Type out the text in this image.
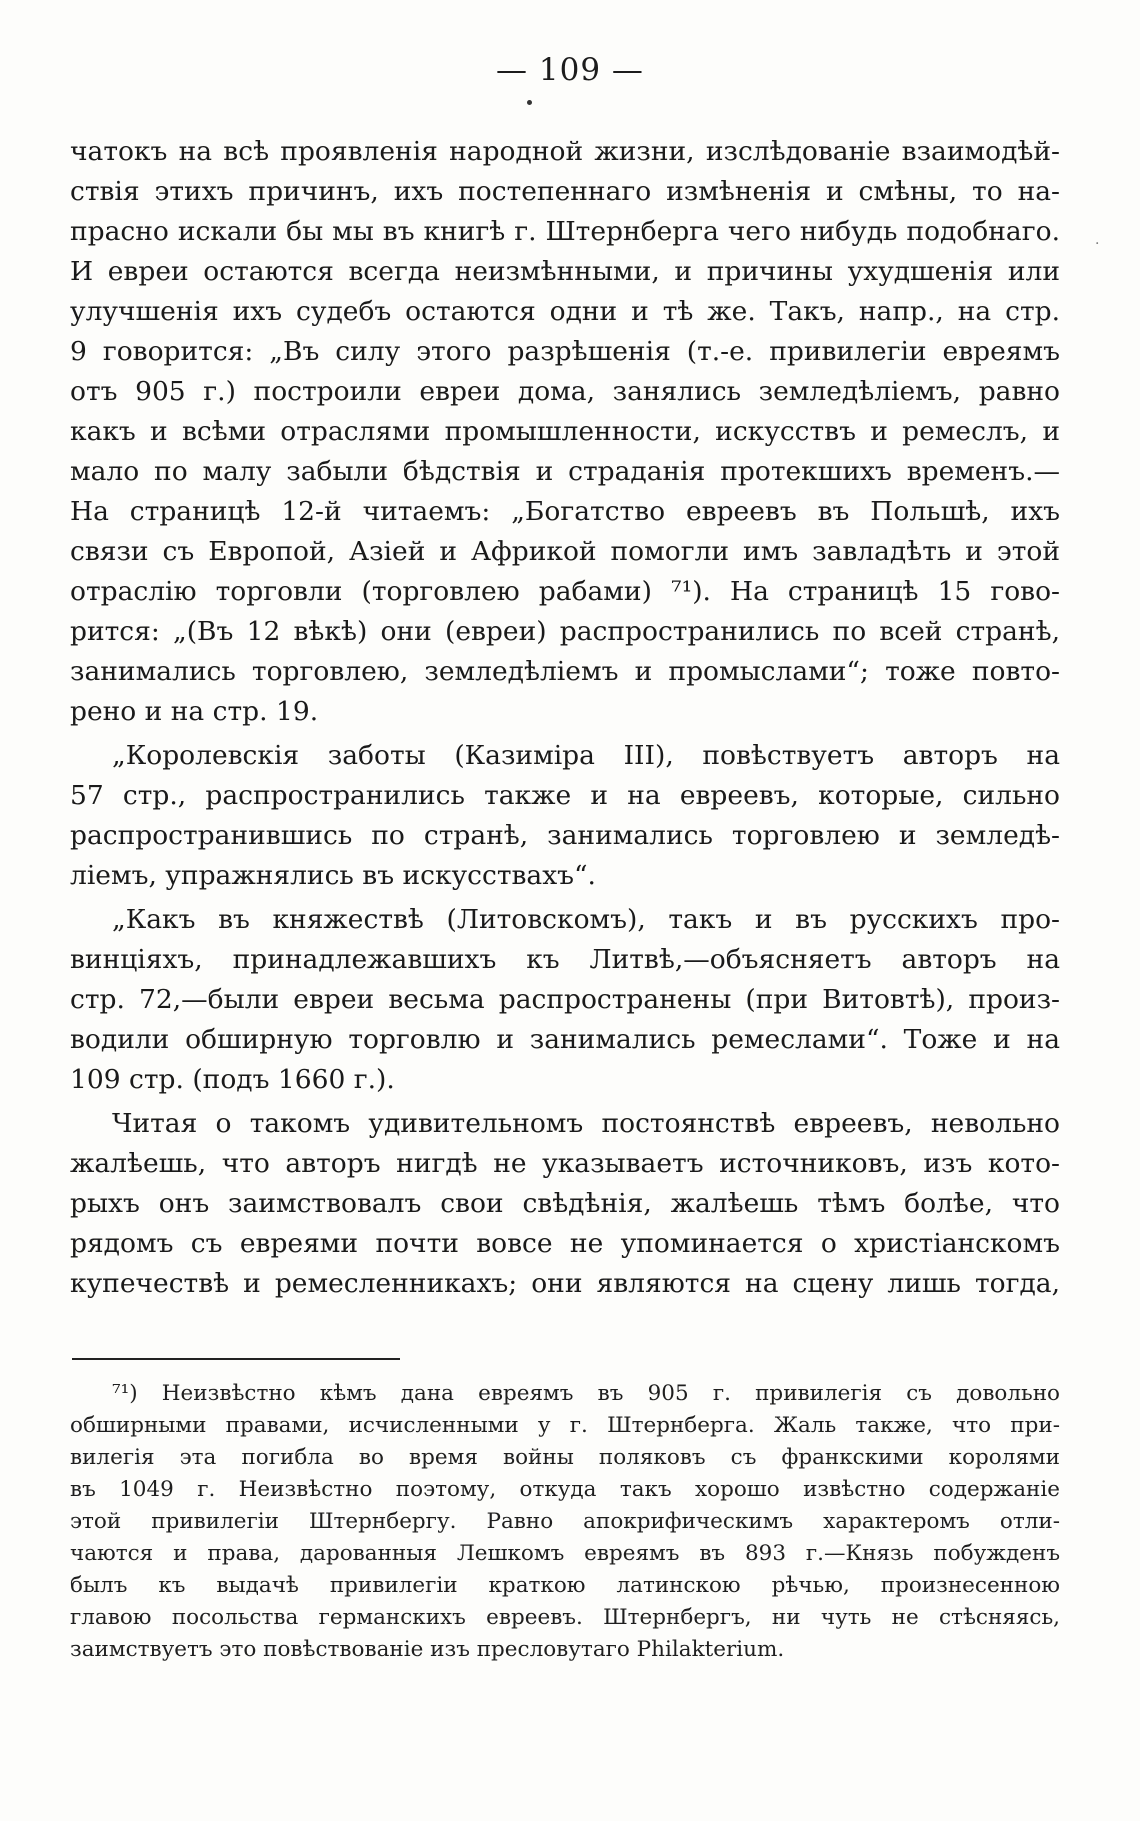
— 109 —
·
чатокъ на всѣ проявленія народной жизни, изслѣдованіе взаимодѣй-
ствія этихъ причинъ, ихъ постепеннаго измѣненія и смѣны, то на-
прасно искали бы мы въ книгѣ г. Штернберга чего нибудь подобнаго.
И евреи остаются всегда неизмѣнными, и причины ухудшенія или
улучшенія ихъ судебъ остаются одни и тѣ же. Такъ, напр., на стр.
9 говорится: „Въ силу этого разрѣшенія (т.-е. привилегіи евреямъ
отъ 905 г.) построили евреи дома, занялись земледѣліемъ, равно
какъ и всѣми отраслями промышленности, искусствъ и ремеслъ, и
мало по малу забыли бѣдствія и страданія протекшихъ временъ.—
На страницѣ 12-й читаемъ: „Богатство евреевъ въ Польшѣ, ихъ
связи съ Европой, Азіей и Африкой помогли имъ завладѣть и этой
отраслію торговли (торговлею рабами) ⁷¹). На страницѣ 15 гово-
рится: „(Въ 12 вѣкѣ) они (евреи) распространились по всей странѣ,
занимались торговлею, земледѣліемъ и промыслами“; тоже повто-
рено и на стр. 19.
„Королевскія заботы (Казиміра III), повѣствуетъ авторъ на
57 стр., распространились также и на евреевъ, которые, сильно
распространившись по странѣ, занимались торговлею и земледѣ-
ліемъ, упражнялись въ искусствахъ“.
„Какъ въ княжествѣ (Литовскомъ), такъ и въ русскихъ про-
винціяхъ, принадлежавшихъ къ Литвѣ,—объясняетъ авторъ на
стр. 72,—были евреи весьма распространены (при Витовтѣ), произ-
водили обширную торговлю и занимались ремеслами“. Тоже и на
109 стр. (подъ 1660 г.).
Читая о такомъ удивительномъ постоянствѣ евреевъ, невольно
жалѣешь, что авторъ нигдѣ не указываетъ источниковъ, изъ кото-
рыхъ онъ заимствовалъ свои свѣдѣнія, жалѣешь тѣмъ болѣе, что
рядомъ съ евреями почти вовсе не упоминается о христіанскомъ
купечествѣ и ремесленникахъ; они являются на сцену лишь тогда,
⁷¹) Неизвѣстно кѣмъ дана евреямъ въ 905 г. привилегія съ довольно
обширными правами, исчисленными у г. Штернберга. Жаль также, что при-
вилегія эта погибла во время войны поляковъ съ франкскими королями
въ 1049 г. Неизвѣстно поэтому, откуда такъ хорошо извѣстно содержаніе
этой привилегіи Штернбергу. Равно апокрифическимъ характеромъ отли-
чаются и права, дарованныя Лешкомъ евреямъ въ 893 г.—Князь побужденъ
былъ къ выдачѣ привилегіи краткою латинскою рѣчью, произнесенною
главою посольства германскихъ евреевъ. Штернбергъ, ни чуть не стѣсняясь,
заимствуетъ это повѣствованіе изъ пресловутаго Philakterium.
